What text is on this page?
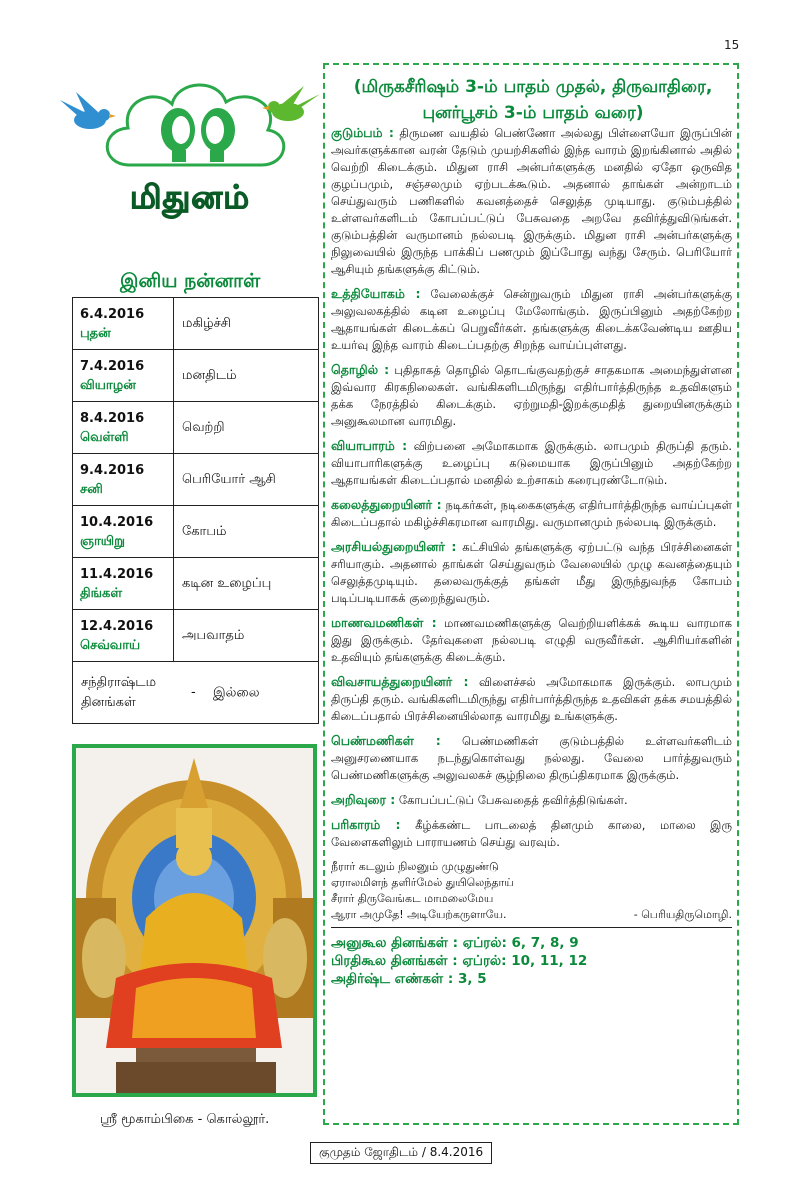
15
மிதுனம்
இனிய நன்னாள்
6.4.2016
புதன்	மகிழ்ச்சி

7.4.2016
வியாழன்	மனதிடம்

8.4.2016
வெள்ளி	வெற்றி

9.4.2016
சனி	பெரியோர் ஆசி

10.4.2016
ஞாயிறு	கோபம்

11.4.2016
திங்கள்	கடின உழைப்பு

12.4.2016
செவ்வாய்	அபவாதம்
சந்திராஷ்டம தினங்கள்- இல்லை	
ஸ்ரீ மூகாம்பிகை - கொல்லூர்.
(மிருகசீரிஷம் 3-ம் பாதம் முதல், திருவாதிரை,
புனர்பூசம் 3-ம் பாதம் வரை)

குடும்பம் : திருமண வயதில் பெண்ணோ அல்லது பிள்ளையோ இருப்பின் அவர்களுக்கான வரன் தேடும் முயற்சிகளில் இந்த வாரம் இறங்கினால் அதில் வெற்றி கிடைக்கும். மிதுன ராசி அன்பர்களுக்கு மனதில் ஏதோ ஒருவித குழப்பமும், சஞ்சலமும் ஏற்படக்கூடும். அதனால் தாங்கள் அன்றாடம் செய்துவரும் பணிகளில் கவனத்தைச் செலுத்த முடியாது. குடும்பத்தில் உள்ளவர்களிடம் கோபப்பட்டுப் பேசுவதை அறவே தவிர்த்துவிடுங்கள். குடும்பத்தின் வருமானம் நல்லபடி இருக்கும். மிதுன ராசி அன்பர்களுக்கு நிலுவையில் இருந்த பாக்கிப் பணமும் இப்போது வந்து சேரும். பெரியோர் ஆசியும் தங்களுக்கு கிட்டும்.

உத்தியோகம் : வேலைக்குச் சென்றுவரும் மிதுன ராசி அன்பர்களுக்கு அலுவலகத்தில் கடின உழைப்பு மேலோங்கும். இருப்பினும் அதற்கேற்ற ஆதாயங்கள் கிடைக்கப் பெறுவீர்கள். தங்களுக்கு கிடைக்கவேண்டிய ஊதிய உயர்வு இந்த வாரம் கிடைப்பதற்கு சிறந்த வாய்ப்புள்ளது.

தொழில் : புதிதாகத் தொழில் தொடங்குவதற்குச் சாதகமாக அமைந்துள்ளன இவ்வார கிரகநிலைகள். வங்கிகளிடமிருந்து எதிர்பார்த்திருந்த உதவிகளும் தக்க நேரத்தில் கிடைக்கும். ஏற்றுமதி-இறக்குமதித் துறையினருக்கும் அனுகூலமான வாரமிது.

வியாபாரம் : விற்பனை அமோகமாக இருக்கும். லாபமும் திருப்தி தரும். வியாபாரிகளுக்கு உழைப்பு கடுமையாக இருப்பினும் அதற்கேற்ற ஆதாயங்கள் கிடைப்பதால் மனதில் உற்சாகம் கரைபுரண்டோடும்.

கலைத்துறையினர் : நடிகர்கள், நடிகைகளுக்கு எதிர்பார்த்திருந்த வாய்ப்புகள் கிடைப்பதால் மகிழ்ச்சிகரமான வாரமிது. வருமானமும் நல்லபடி இருக்கும்.

அரசியல்துறையினர் : கட்சியில் தங்களுக்கு ஏற்பட்டு வந்த பிரச்சினைகள் சரியாகும். அதனால் தாங்கள் செய்துவரும் வேலையில் முழு கவனத்தையும் செலுத்தமுடியும். தலைவருக்குத் தங்கள் மீது இருந்துவந்த கோபம் படிப்படியாகக் குறைந்துவரும்.

மாணவமணிகள் : மாணவமணிகளுக்கு வெற்றியளிக்கக் கூடிய வாரமாக இது இருக்கும். தேர்வுகளை நல்லபடி எழுதி வருவீர்கள். ஆசிரியர்களின் உதவியும் தங்களுக்கு கிடைக்கும்.

விவசாயத்துறையினர் : விளைச்சல் அமோகமாக இருக்கும். லாபமும் திருப்தி தரும். வங்கிகளிடமிருந்து எதிர்பார்த்திருந்த உதவிகள் தக்க சமயத்தில் கிடைப்பதால் பிரச்சினையில்லாத வாரமிது உங்களுக்கு.

பெண்மணிகள் : பெண்மணிகள் குடும்பத்தில் உள்ளவர்களிடம் அனுசரணையாக நடந்துகொள்வது நல்லது. வேலை பார்த்துவரும் பெண்மணிகளுக்கு அலுவலகச் சூழ்நிலை திருப்திகரமாக இருக்கும்.

அறிவுரை : கோபப்பட்டுப் பேசுவதைத் தவிர்த்திடுங்கள்.

பரிகாரம் : கீழ்க்கண்ட பாடலைத் தினமும் காலை, மாலை இரு வேளைகளிலும் பாராயணம் செய்து வரவும்.

நீரார் கடலும் நிலனும் முழுதுண்டு
ஏராலமிளந் தளிர்மேல் துயிலெந்தாய்
சீரார் திருவேங்கட மாமலைமேய
ஆரா அமுதே! அடியேற்கருளாயே.	- பெரியதிருமொழி.
அனுகூல தினங்கள் : ஏப்ரல்: 6, 7, 8, 9
பிரதிகூல தினங்கள் : ஏப்ரல்: 10, 11, 12
அதிர்ஷ்ட எண்கள் : 3, 5
குமுதம் ஜோதிடம் / 8.4.2016
